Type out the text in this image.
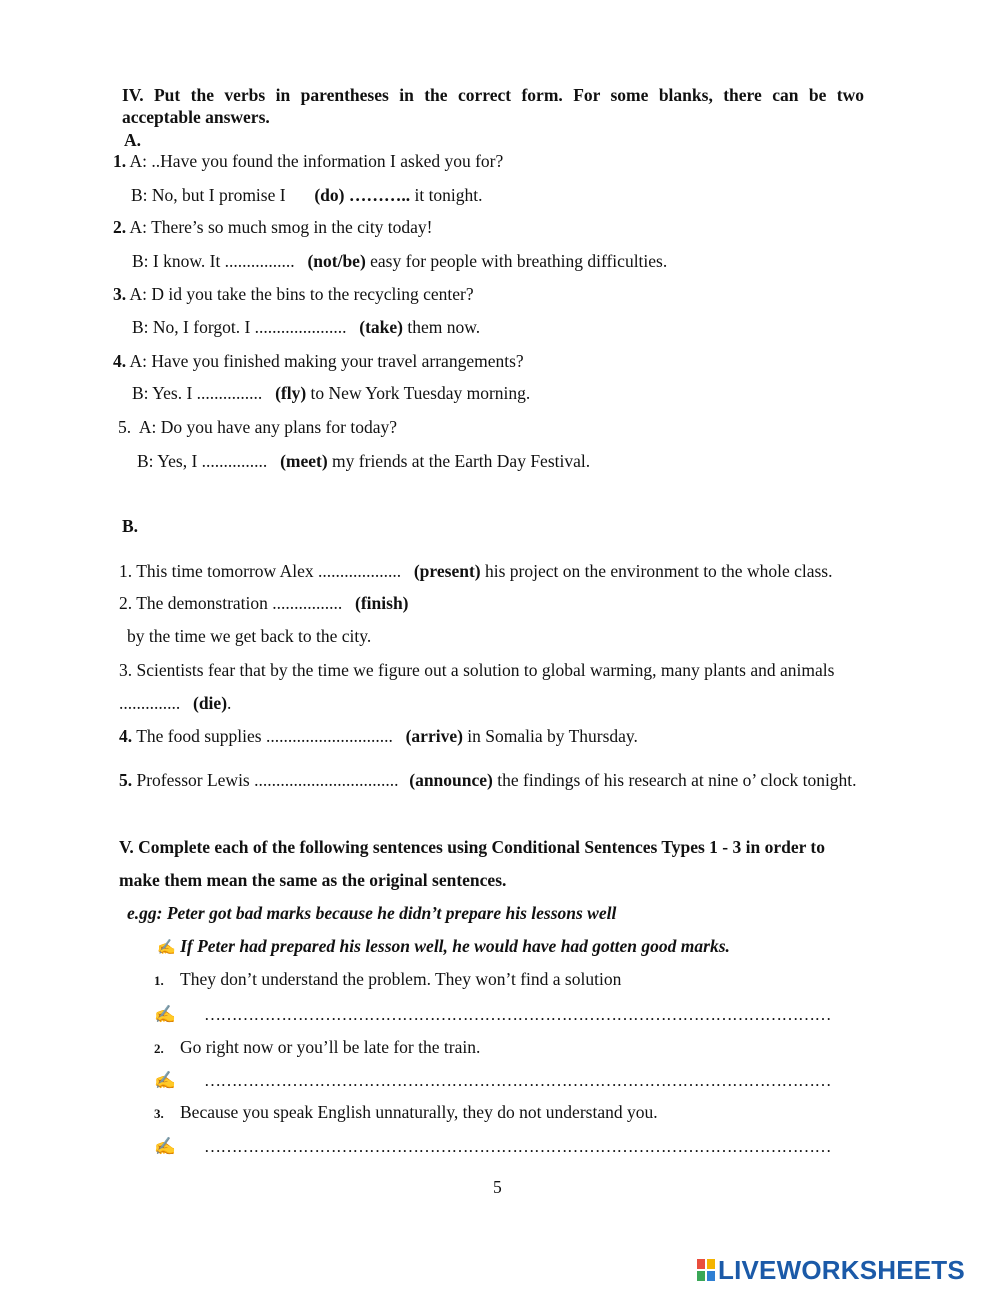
IV. Put the verbs in parentheses in the correct form. For some blanks, there can be two
acceptable answers.
A.
1. A: ..Have you found the information I asked you for?
B: No, but I promise I (do) ……….. it tonight.
2. A: There’s so much smog in the city today!
B: I know. It ................ (not/be) easy for people with breathing difficulties.
3. A: D id you take the bins to the recycling center?
B: No, I forgot. I ..................... (take) them now.
4. A: Have you finished making your travel arrangements?
B: Yes. I ............... (fly) to New York Tuesday morning.
5. A: Do you have any plans for today?
B: Yes, I ............... (meet) my friends at the Earth Day Festival.
B.
1. This time tomorrow Alex ................... (present) his project on the environment to the whole class.
2. The demonstration ................ (finish)
by the time we get back to the city.
3. Scientists fear that by the time we figure out a solution to global warming, many plants and animals
.............. (die).
4. The food supplies ............................. (arrive) in Somalia by Thursday.
5. Professor Lewis ................................. (announce) the findings of his research at nine o’ clock tonight.
V. Complete each of the following sentences using Conditional Sentences Types 1 - 3 in order to
make them mean the same as the original sentences.
e.gg: Peter got bad marks because he didn’t prepare his lessons well
✍ If Peter had prepared his lesson well, he would have had gotten good marks.
1. They don’t understand the problem. They won’t find a solution
✍ ……………………………………………………………………………………………………
2. Go right now or you’ll be late for the train.
✍ ……………………………………………………………………………………………………
3. Because you speak English unnaturally, they do not understand you.
✍ ……………………………………………………………………………………………………
5
LIVEWORKSHEETS
